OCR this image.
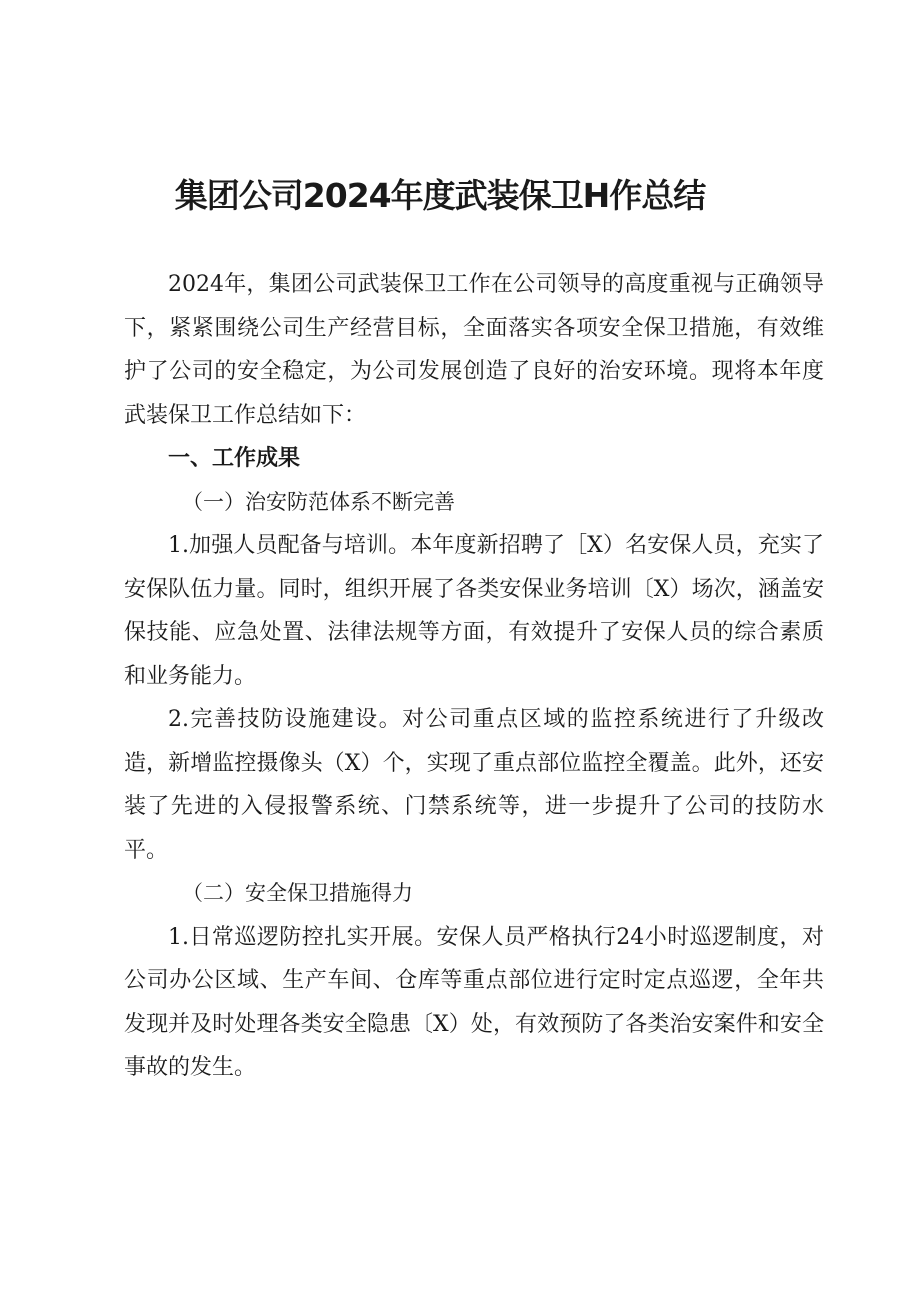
集团公司2024年度武装保卫H作总结

2024年，集团公司武装保卫工作在公司领导的高度重视与正确领导下，紧紧围绕公司生产经营目标，全面落实各项安全保卫措施，有效维护了公司的安全稳定，为公司发展创造了良好的治安环境。现将本年度武装保卫工作总结如下：

一、工作成果

（一）治安防范体系不断完善

1.加强人员配备与培训。本年度新招聘了［X）名安保人员，充实了安保队伍力量。同时，组织开展了各类安保业务培训〔X）场次，涵盖安保技能、应急处置、法律法规等方面，有效提升了安保人员的综合素质和业务能力。

2.完善技防设施建设。对公司重点区域的监控系统进行了升级改造，新增监控摄像头（X）个，实现了重点部位监控全覆盖。此外，还安装了先进的入侵报警系统、门禁系统等，进一步提升了公司的技防水平。

（二）安全保卫措施得力

1.日常巡逻防控扎实开展。安保人员严格执行24小时巡逻制度，对公司办公区域、生产车间、仓库等重点部位进行定时定点巡逻，全年共发现并及时处理各类安全隐患〔X）处，有效预防了各类治安案件和安全事故的发生。
